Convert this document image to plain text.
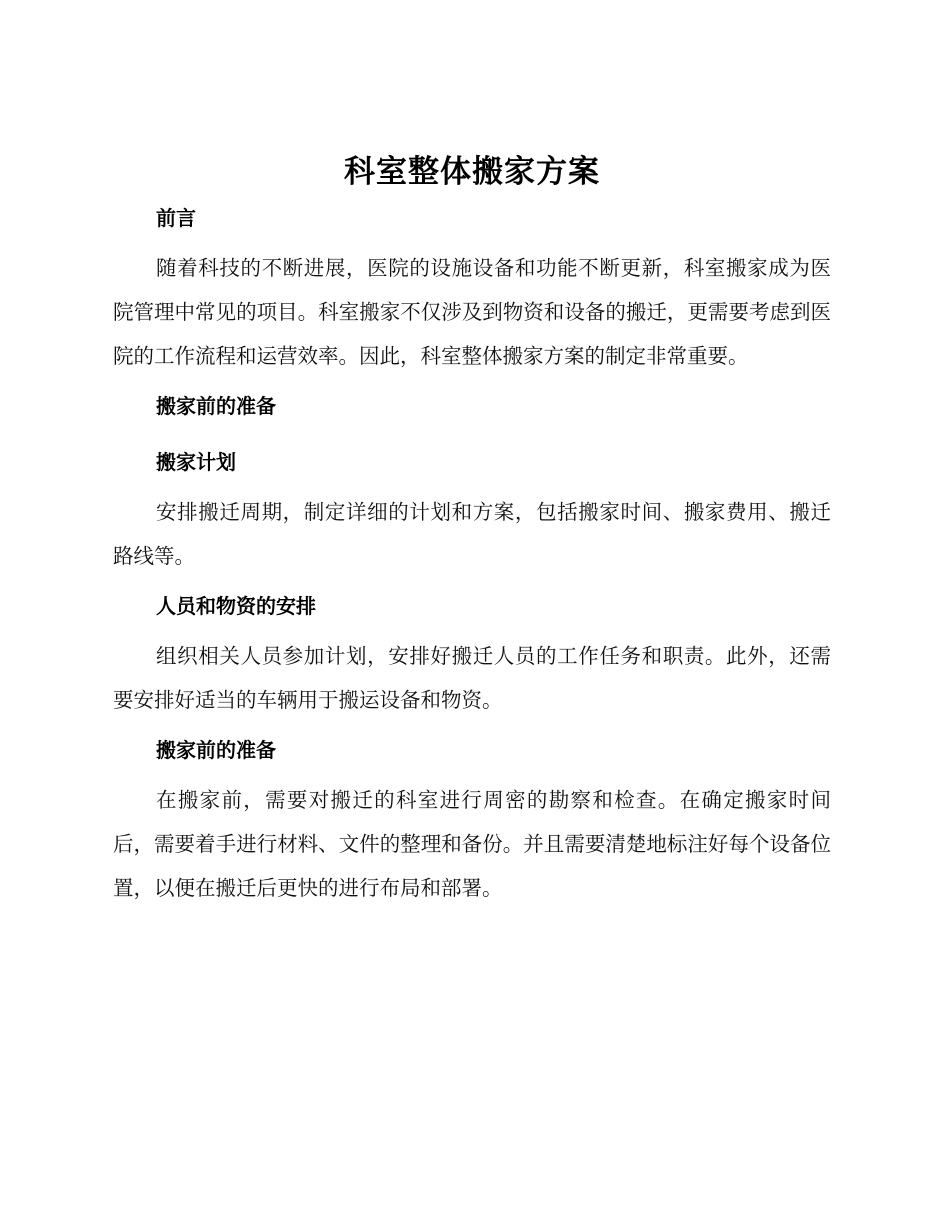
科室整体搬家方案
前言

随着科技的不断进展，医院的设施设备和功能不断更新，科室搬家成为医院管理中常见的项目。科室搬家不仅涉及到物资和设备的搬迁，更需要考虑到医院的工作流程和运营效率。因此，科室整体搬家方案的制定非常重要。

搬家前的准备
搬家计划

安排搬迁周期，制定详细的计划和方案，包括搬家时间、搬家费用、搬迁路线等。

人员和物资的安排

组织相关人员参加计划，安排好搬迁人员的工作任务和职责。此外，还需要安排好适当的车辆用于搬运设备和物资。

搬家前的准备

在搬家前，需要对搬迁的科室进行周密的勘察和检查。在确定搬家时间后，需要着手进行材料、文件的整理和备份。并且需要清楚地标注好每个设备位置，以便在搬迁后更快的进行布局和部署。
